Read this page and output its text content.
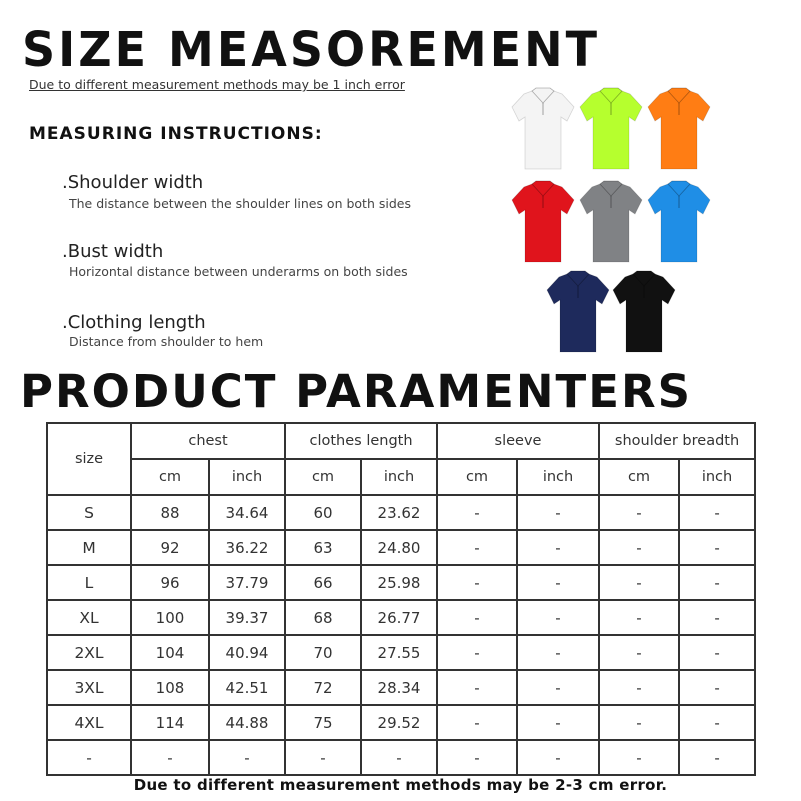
SIZE MEASOREMENT
Due to different measurement methods may be 1 inch error
MEASURING INSTRUCTIONS:
.Shoulder width
The distance between the shoulder lines on both sides
.Bust width
Horizontal distance between underarms on both sides
.Clothing length
Distance from shoulder to hem
PRODUCT PARAMENTERS
size	chest		clothes length		sleeve		shoulder breadth	
	cm	inch	cm	inch	cm	inch	cm	inch
S	88	34.64	60	23.62	-	-	-	-
M	92	36.22	63	24.80	-	-	-	-
L	96	37.79	66	25.98	-	-	-	-
XL	100	39.37	68	26.77	-	-	-	-
2XL	104	40.94	70	27.55	-	-	-	-
3XL	108	42.51	72	28.34	-	-	-	-
4XL	114	44.88	75	29.52	-	-	-	-
-	-	-	-	-	-	-	-	-
Due to different measurement methods may be 2-3 cm error.
